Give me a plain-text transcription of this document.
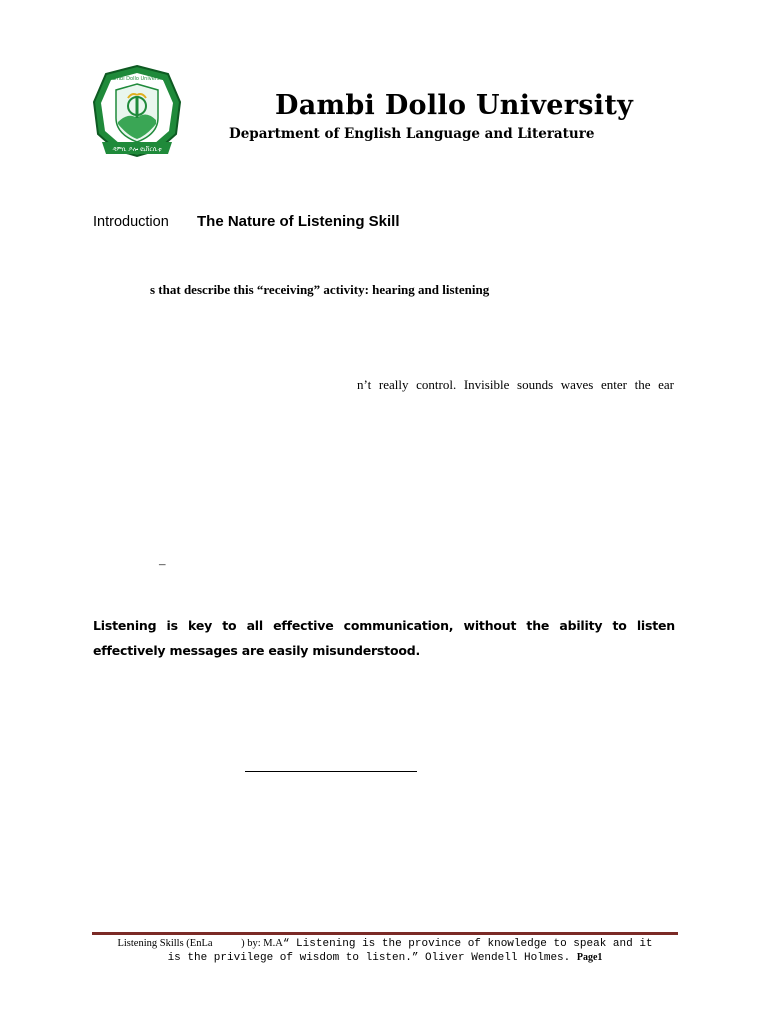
ዳምቢ ዶሎ ዩኒቨርሲቲ
Dambi Dollo University
Dambi Dollo University
Department of English Language and Literature
Introduction The Nature of Listening Skill
s that describe this “receiving” activity: hearing and listening
n’t really control. Invisible sounds waves enter the ear
–
Listening is key to all effective communication, without the ability to listen effectively messages are easily misunderstood.
Listening Skills (EnLa	) by: M.A“ Listening is the province of knowledge to speak and it
is the privilege of wisdom to listen.” Oliver Wendell Holmes. Page1
